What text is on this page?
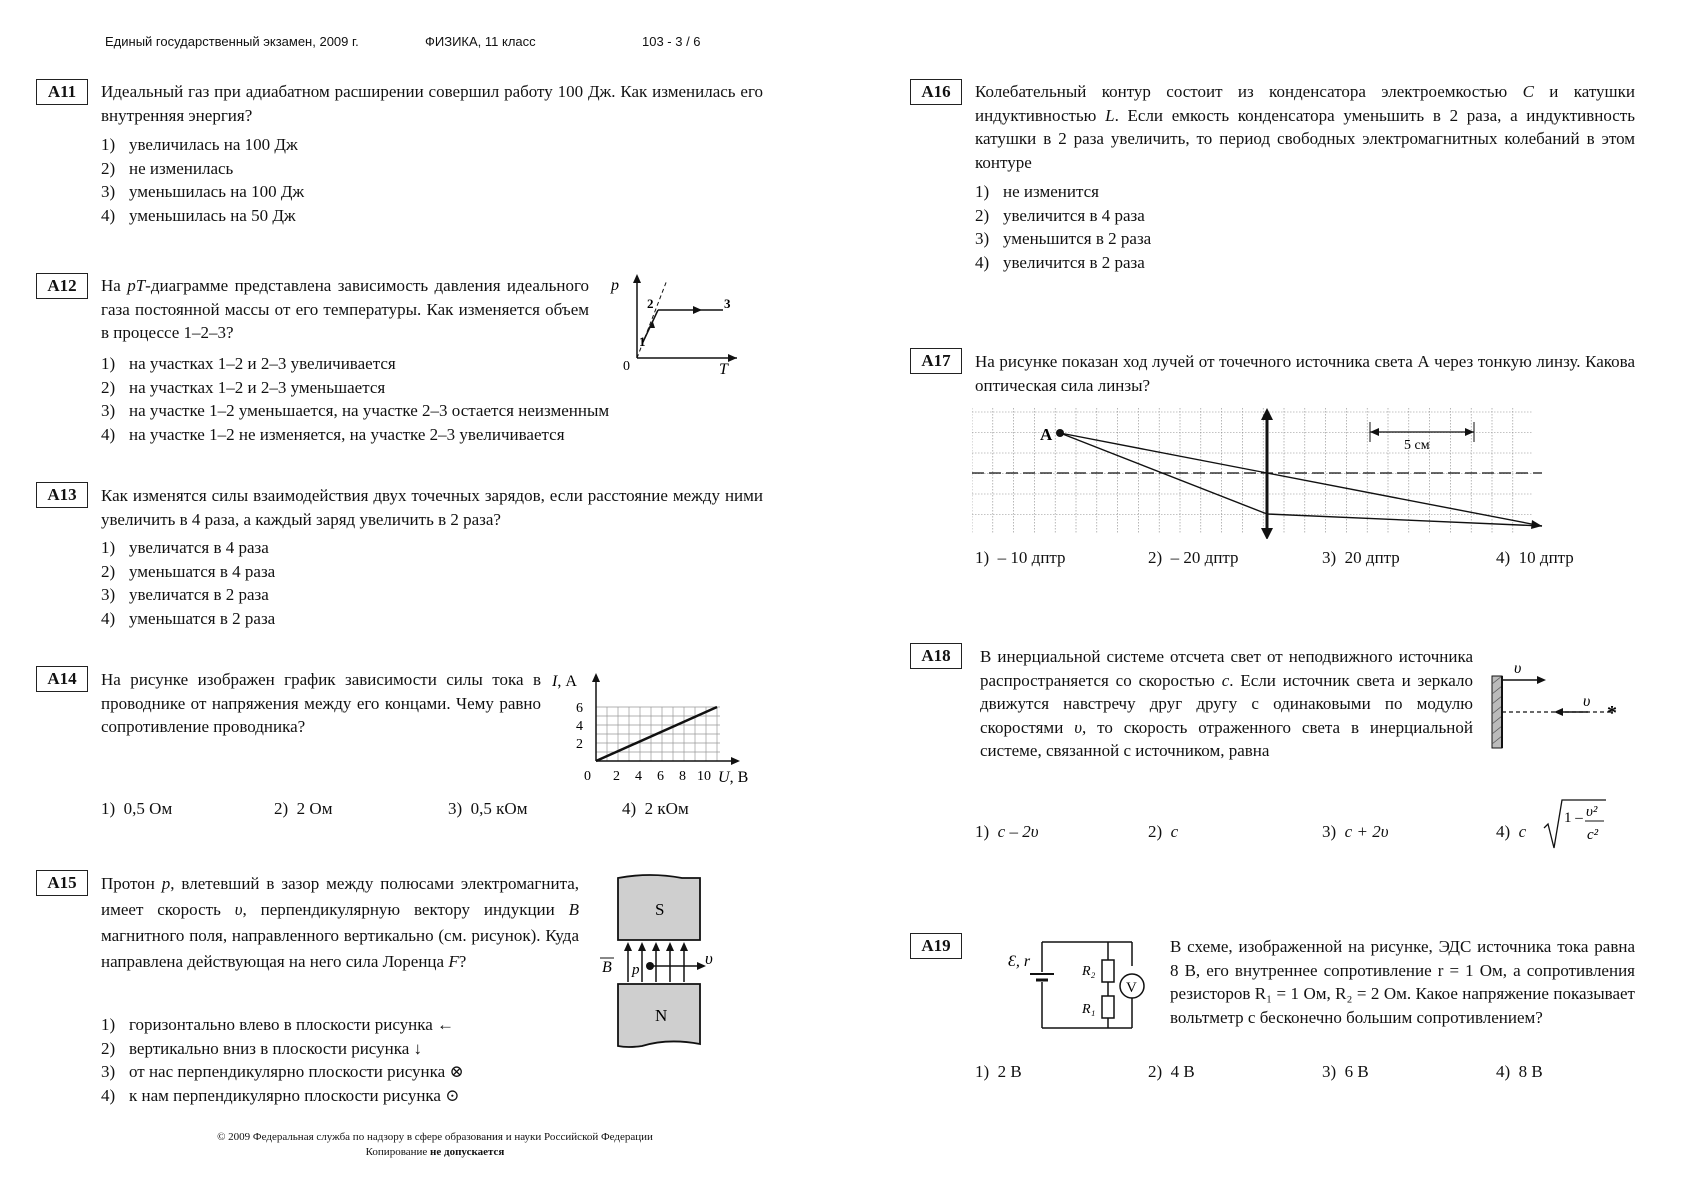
Единый государственный экзамен, 2009 г.	ФИЗИКА, 11 класс	103 - 3 / 6
A11	Идеальный газ при адиабатном расширении совершил работу 100 Дж. Как изменилась его внутренняя энергия?
1) увеличилась на 100 Дж
2) не изменилась
3) уменьшилась на 100 Дж
4) уменьшилась на 50 Дж
A12	На pT-диаграмме представлена зависимость давления идеального газа постоянной массы от его температуры. Как изменяется объем в процессе 1–2–3?
p
T
0
1
2	3
1) на участках 1–2 и 2–3 увеличивается
2) на участках 1–2 и 2–3 уменьшается
3) на участке 1–2 уменьшается, на участке 2–3 остается неизменным
4) на участке 1–2 не изменяется, на участке 2–3 увеличивается
A13	Как изменятся силы взаимодействия двух точечных зарядов, если расстояние между ними увеличить в 4 раза, а каждый заряд увеличить в 2 раза?
1) увеличатся в 4 раза
2) уменьшатся в 4 раза
3) увеличатся в 2 раза
4) уменьшатся в 2 раза
A14	На рисунке изображен график зависимости силы тока в проводнике от напряжения между его концами. Чему равно сопротивление проводника?
I, А
U, В
0 2 4 6 8 10
2
4
6
1) 0,5 Ом	2) 2 Ом	3) 0,5 кОм	4) 2 кОм
A15	Протон p, влетевший в зазор между полюсами электромагнита, имеет скорость υ, перпендикулярную вектору индукции B магнитного поля, направленного вертикально (см. рисунок). Куда направлена действующая на него сила Лоренца F?
S
N
p
B	υ
1) горизонтально влево в плоскости рисунка ←
2) вертикально вниз в плоскости рисунка ↓
3) от нас перпендикулярно плоскости рисунка ⊗
4) к нам перпендикулярно плоскости рисунка ⊙
© 2009 Федеральная служба по надзору в сфере образования и науки Российской Федерации
Копирование не допускается
A16	Колебательный контур состоит из конденсатора электроемкостью C и катушки индуктивностью L. Если емкость конденсатора уменьшить в 2 раза, а индуктивность катушки в 2 раза увеличить, то период свободных электромагнитных колебаний в этом контуре
1) не изменится
2) увеличится в 4 раза
3) уменьшится в 2 раза
4) увеличится в 2 раза
A17	На рисунке показан ход лучей от точечного источника света А через тонкую линзу. Какова оптическая сила линзы?
А
5 см
1) – 10 дптр	2) – 20 дптр	3) 20 дптр	4) 10 дптр
A18	В инерциальной системе отсчета свет от неподвижного источника распространяется со скоростью c. Если источник света и зеркало движутся навстречу друг другу с одинаковыми по модулю скоростями υ, то скорость отраженного света в инерциальной системе, связанной с источником, равна
υ
υ
*
1) c – 2υ	2) c	3) c + 2υ	4) c
1 – υ²
c²
A19
V
Ɛ, r
R₂
R₁
В схеме, изображенной на рисунке, ЭДС источника тока равна 8 В, его внутреннее сопротивление r = 1 Ом, а сопротивления резисторов R₁ = 1 Ом, R₂ = 2 Ом. Какое напряжение показывает вольтметр с бесконечно большим сопротивлением?
1) 2 В	2) 4 В	3) 6 В	4) 8 В
